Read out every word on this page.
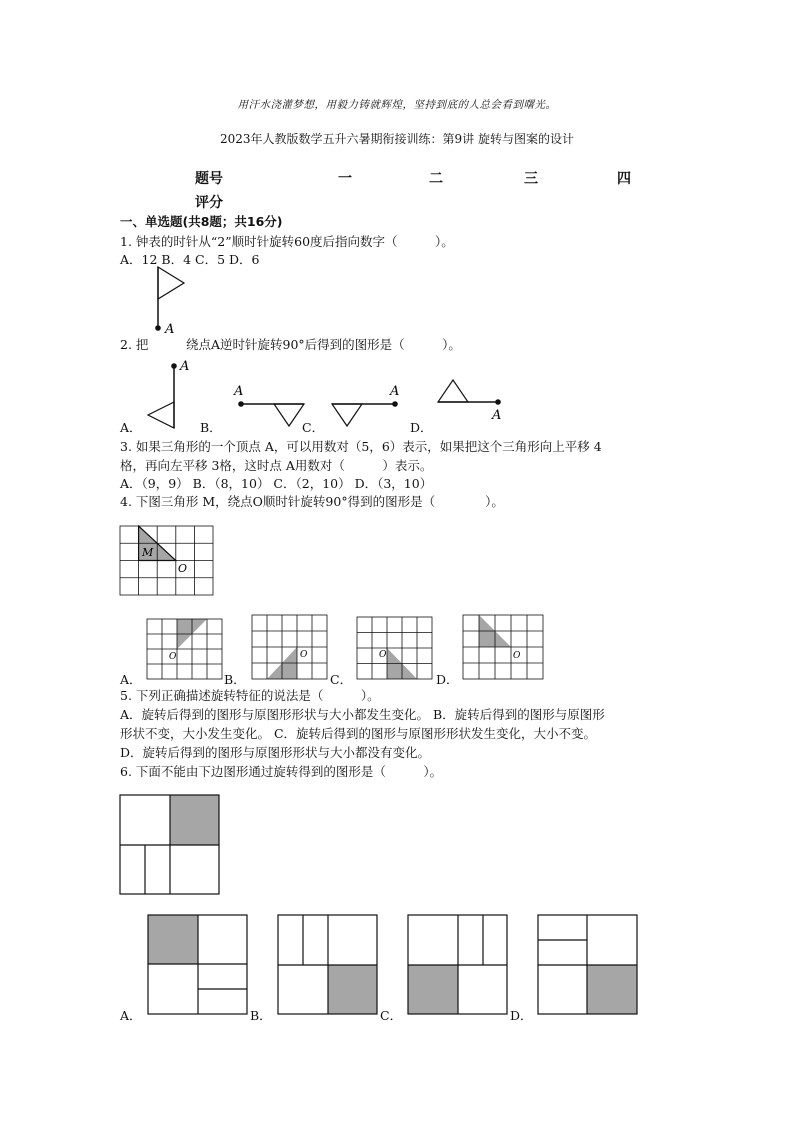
用汗水浇灌梦想，用毅力铸就辉煌，坚持到底的人总会看到曙光。
2023年人教版数学五升六暑期衔接训练：第9讲 旋转与图案的设计
题号	一	二	三	四
评分
一、单选题(共8题；共16分)
1. 钟表的时针从“2”顺时针旋转60度后指向数字（　　　）。
A．12 B．4 C．5 D．6
A
2. 把	绕点A逆时针旋转90°后得到的图形是（　　　）。
A．
A
B．
A
C．
A
D．
A
3. 如果三角形的一个顶点 A，可以用数对（5，6）表示，如果把这个三角形向上平移 4
格，再向左平移 3格，这时点 A用数对（　　　）表示。
A．（9，9） B．（8，10） C．（2，10） D．（3，10）
4. 下图三角形 M，绕点O顺时针旋转90°得到的图形是（　　　　）。
M
O
A．
O
B．
O
C．
O
D．
O
5. 下列正确描述旋转特征的说法是（　　　）。
A．旋转后得到的图形与原图形形状与大小都发生变化。 B．旋转后得到的图形与原图形
形状不变，大小发生变化。 C．旋转后得到的图形与原图形形状发生变化，大小不变。
D．旋转后得到的图形与原图形形状与大小都没有变化。
6. 下面不能由下边图形通过旋转得到的图形是（　　　）。
A．	B．	C．	D．
